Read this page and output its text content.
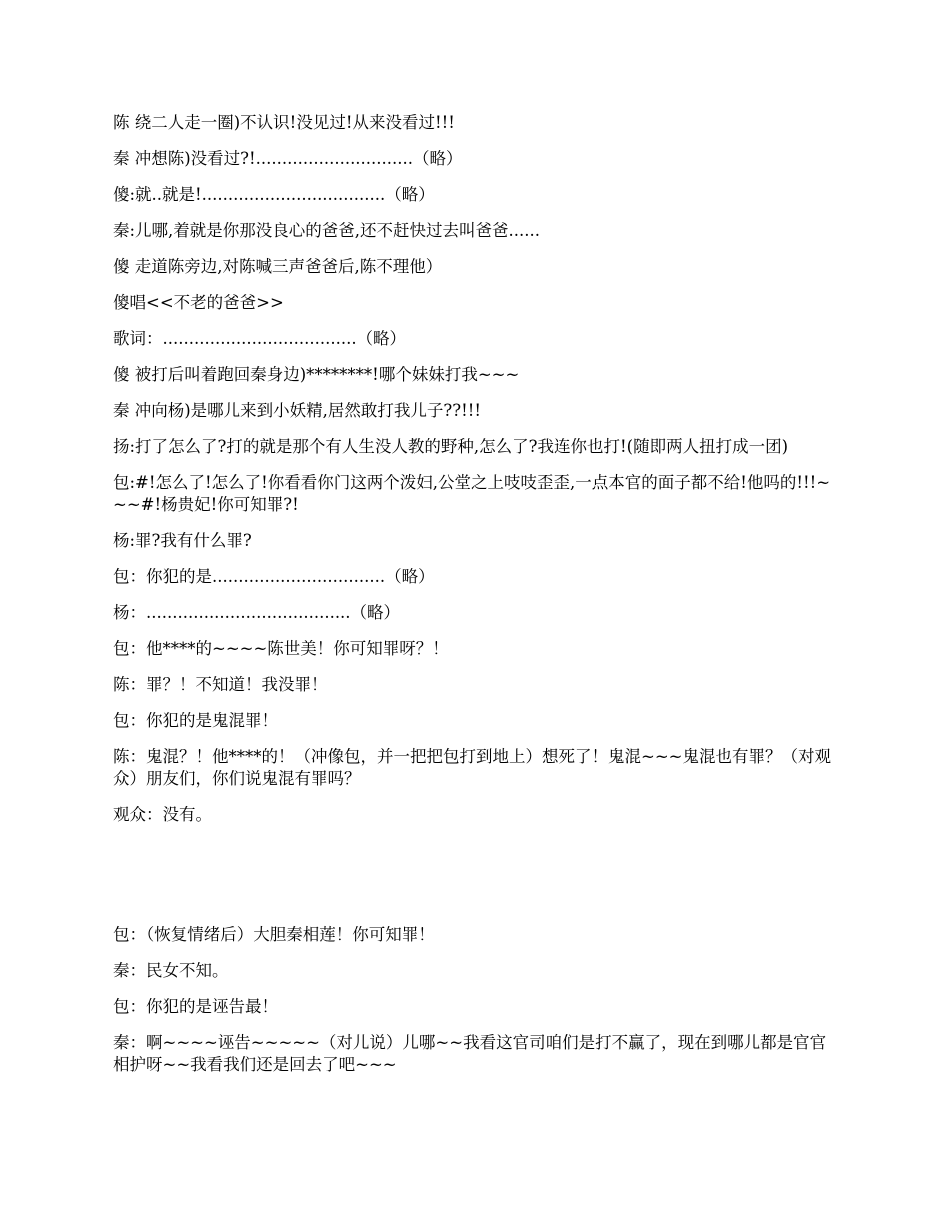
陈 绕二人走一圈)不认识!没见过!从来没看过!!!

秦 冲想陈)没看过?!..............................（略）

傻:就..就是!...................................（略）

秦:儿哪,着就是你那没良心的爸爸,还不赶快过去叫爸爸......

傻 走道陈旁边,对陈喊三声爸爸后,陈不理他）

傻唱<<不老的爸爸>>

歌词：.....................................（略）

傻 被打后叫着跑回秦身边)********!哪个妹妹打我~~~

秦 冲向杨)是哪儿来到小妖精,居然敢打我儿子??!!!

扬:打了怎么了?打的就是那个有人生没人教的野种,怎么了?我连你也打!(随即两人扭打成一团)

包:#!怎么了!怎么了!你看看你门这两个泼妇,公堂之上吱吱歪歪,一点本官的面子都不给!他吗的!!!~~~#!杨贵妃!你可知罪?!

杨:罪?我有什么罪?

包：你犯的是.................................（略）

杨：.......................................（略）

包：他****的~~~~陈世美！你可知罪呀？！

陈：罪？！不知道！我没罪！

包：你犯的是鬼混罪！

陈：鬼混？！他****的！（冲像包，并一把把包打到地上）想死了！鬼混~~~鬼混也有罪？（对观众）朋友们，你们说鬼混有罪吗？

观众：没有。

包：（恢复情绪后）大胆秦相莲！你可知罪！

秦：民女不知。

包：你犯的是诬告最！

秦：啊~~~~诬告~~~~~（对儿说）儿哪~~我看这官司咱们是打不赢了，现在到哪儿都是官官相护呀~~我看我们还是回去了吧~~~
